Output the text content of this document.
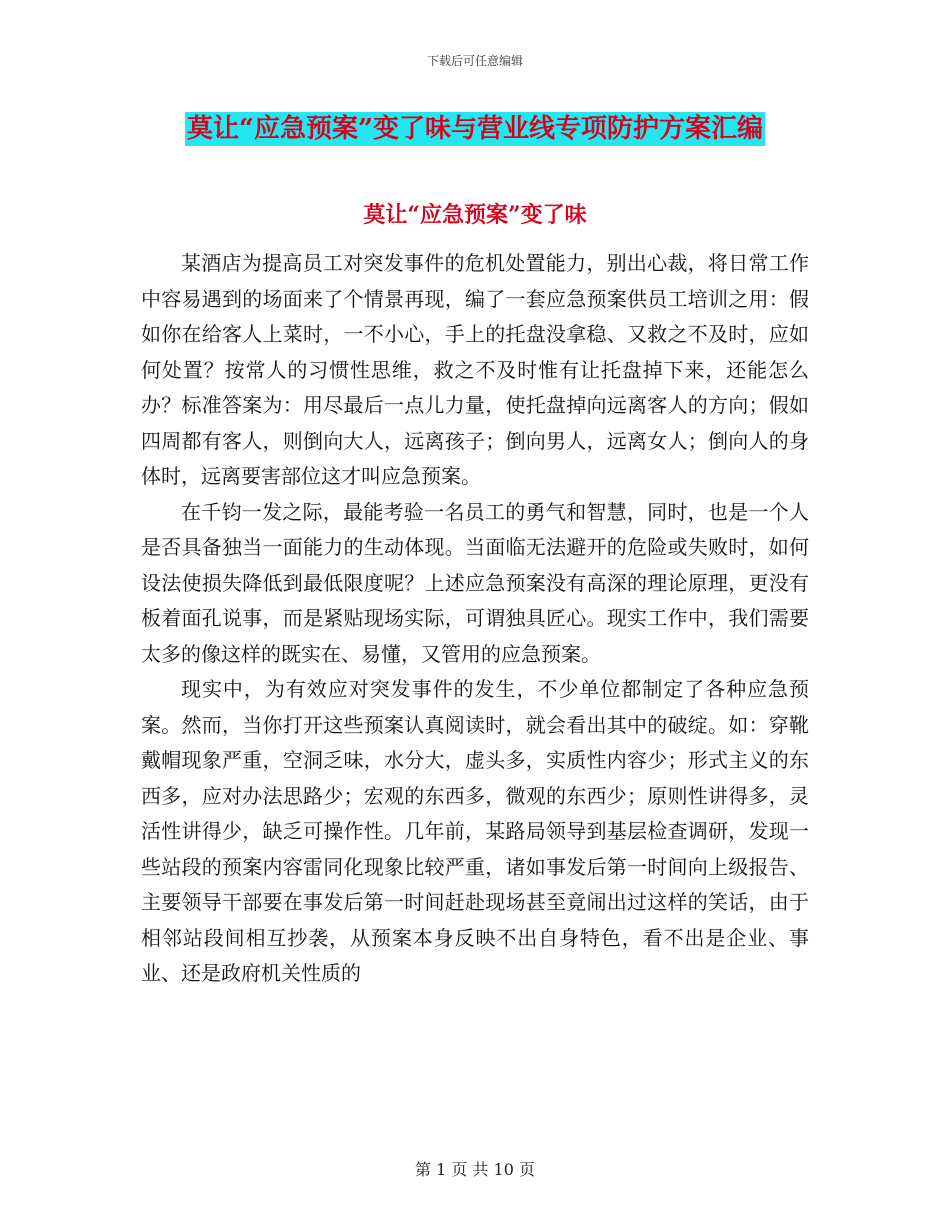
下载后可任意编辑
莫让“应急预案”变了味与营业线专项防护方案汇编
莫让“应急预案”变了味

某酒店为提高员工对突发事件的危机处置能力，别出心裁，将日常工作中容易遇到的场面来了个情景再现，编了一套应急预案供员工培训之用：假如你在给客人上菜时，一不小心，手上的托盘没拿稳、又救之不及时，应如何处置？按常人的习惯性思维，救之不及时惟有让托盘掉下来，还能怎么办？标准答案为：用尽最后一点儿力量，使托盘掉向远离客人的方向；假如四周都有客人，则倒向大人，远离孩子；倒向男人，远离女人；倒向人的身体时，远离要害部位这才叫应急预案。

在千钧一发之际，最能考验一名员工的勇气和智慧，同时，也是一个人是否具备独当一面能力的生动体现。当面临无法避开的危险或失败时，如何设法使损失降低到最低限度呢？上述应急预案没有高深的理论原理，更没有板着面孔说事，而是紧贴现场实际，可谓独具匠心。现实工作中，我们需要太多的像这样的既实在、易懂，又管用的应急预案。

现实中，为有效应对突发事件的发生，不少单位都制定了各种应急预案。然而，当你打开这些预案认真阅读时，就会看出其中的破绽。如：穿靴戴帽现象严重，空洞乏味，水分大，虚头多，实质性内容少；形式主义的东西多，应对办法思路少；宏观的东西多，微观的东西少；原则性讲得多，灵活性讲得少，缺乏可操作性。几年前，某路局领导到基层检查调研，发现一些站段的预案内容雷同化现象比较严重，诸如事发后第一时间向上级报告、主要领导干部要在事发后第一时间赶赴现场甚至竟闹出过这样的笑话，由于相邻站段间相互抄袭，从预案本身反映不出自身特色，看不出是企业、事业、还是政府机关性质的

第 1 页 共 10 页
